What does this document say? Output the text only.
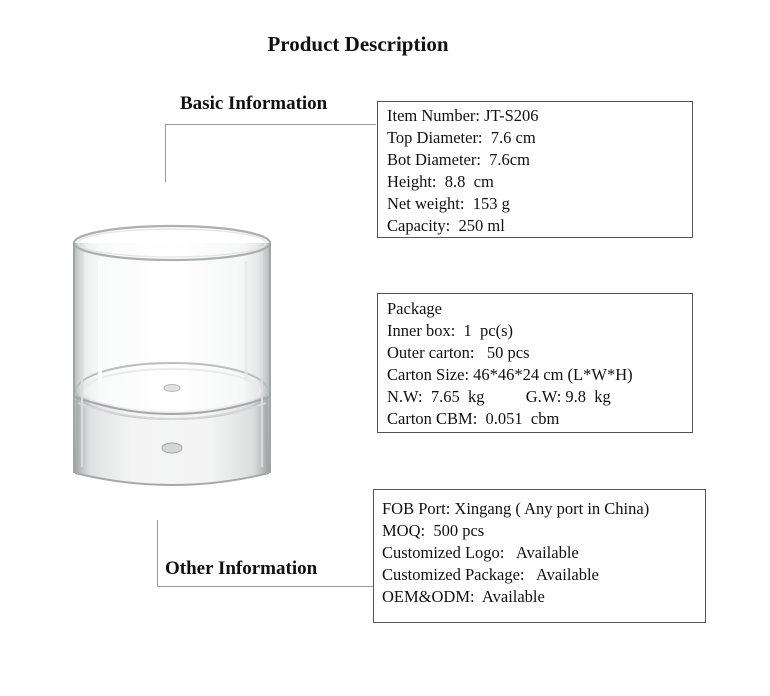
Product Description
Basic Information
Item Number: JT-S206
Top Diameter:  7.6 cm
Bot Diameter:  7.6cm
Height:  8.8  cm
Net weight:  153 g
Capacity:  250 ml
Package
Inner box:  1  pc(s)
Outer carton:   50 pcs
Carton Size: 46*46*24 cm (L*W*H)
N.W:  7.65  kg          G.W: 9.8  kg
Carton CBM:  0.051  cbm
Other Information
FOB Port: Xingang ( Any port in China)
MOQ:  500 pcs
Customized Logo:   Available
Customized Package:   Available
OEM&ODM:  Available
